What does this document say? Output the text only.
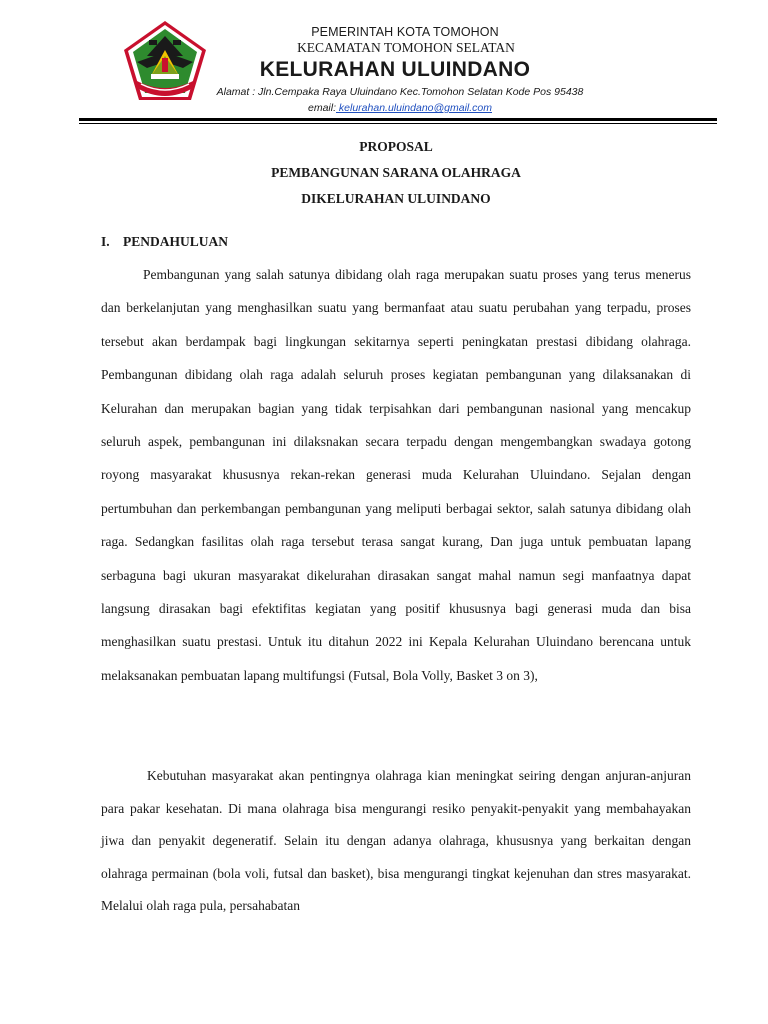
PEMERINTAH KOTA TOMOHON
KECAMATAN TOMOHON SELATAN
KELURAHAN ULUINDANO
Alamat : Jln.Cempaka Raya Uluindano Kec.Tomohon Selatan Kode Pos 95438
email: kelurahan.uluindano@gmail.com
PROPOSAL
PEMBANGUNAN SARANA OLAHRAGA
DIKELURAHAN ULUINDANO
I. PENDAHULUAN

Pembangunan yang salah satunya dibidang olah raga merupakan suatu proses yang terus menerus dan berkelanjutan yang menghasilkan suatu yang bermanfaat atau suatu perubahan yang terpadu, proses tersebut akan berdampak bagi lingkungan sekitarnya seperti peningkatan prestasi dibidang olahraga. Pembangunan dibidang olah raga adalah seluruh proses kegiatan pembangunan yang dilaksanakan di Kelurahan dan merupakan bagian yang tidak terpisahkan dari pembangunan nasional yang mencakup seluruh aspek, pembangunan ini dilaksnakan secara terpadu dengan mengembangkan swadaya gotong royong masyarakat khususnya rekan-rekan generasi muda Kelurahan Uluindano. Sejalan dengan pertumbuhan dan perkembangan pembangunan yang meliputi berbagai sektor, salah satunya dibidang olah raga. Sedangkan fasilitas olah raga tersebut terasa sangat kurang, Dan juga untuk pembuatan lapang serbaguna bagi ukuran masyarakat dikelurahan dirasakan sangat mahal namun segi manfaatnya dapat langsung dirasakan bagi efektifitas kegiatan yang positif khususnya bagi generasi muda dan bisa menghasilkan suatu prestasi. Untuk itu ditahun 2022 ini Kepala Kelurahan Uluindano berencana untuk melaksanakan pembuatan lapang multifungsi (Futsal, Bola Volly, Basket 3 on 3),

Kebutuhan masyarakat akan pentingnya olahraga kian meningkat seiring dengan anjuran-anjuran para pakar kesehatan. Di mana olahraga bisa mengurangi resiko penyakit-penyakit yang membahayakan jiwa dan penyakit degeneratif. Selain itu dengan adanya olahraga, khususnya yang berkaitan dengan olahraga permainan (bola voli, futsal dan basket), bisa mengurangi tingkat kejenuhan dan stres masyarakat. Melalui olah raga pula, persahabatan
